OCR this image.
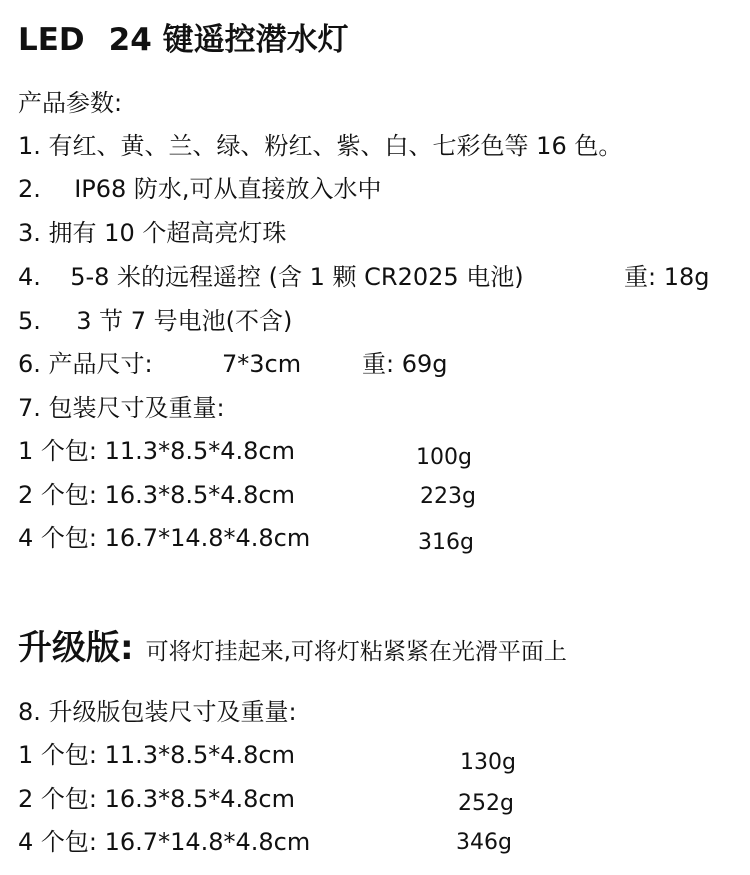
LED 24 键遥控潜水灯
产品参数:
1. 有红、黄、兰、绿、粉红、紫、白、七彩色等 16 色。
2. IP68 防水,可从直接放入水中
3. 拥有 10 个超高亮灯珠
4. 5-8 米的远程遥控 (含 1 颗 CR2025 电池)	重: 18g
5. 3 节 7 号电池(不含)
6. 产品尺寸:	7*3cm	重: 69g
7. 包装尺寸及重量:
1 个包: 11.3*8.5*4.8cm	100g
2 个包: 16.3*8.5*4.8cm	223g
4 个包: 16.7*14.8*4.8cm	316g
升级版: 可将灯挂起来,可将灯粘紧紧在光滑平面上
8. 升级版包装尺寸及重量:
1 个包: 11.3*8.5*4.8cm	130g
2 个包: 16.3*8.5*4.8cm	252g
4 个包: 16.7*14.8*4.8cm	346g
